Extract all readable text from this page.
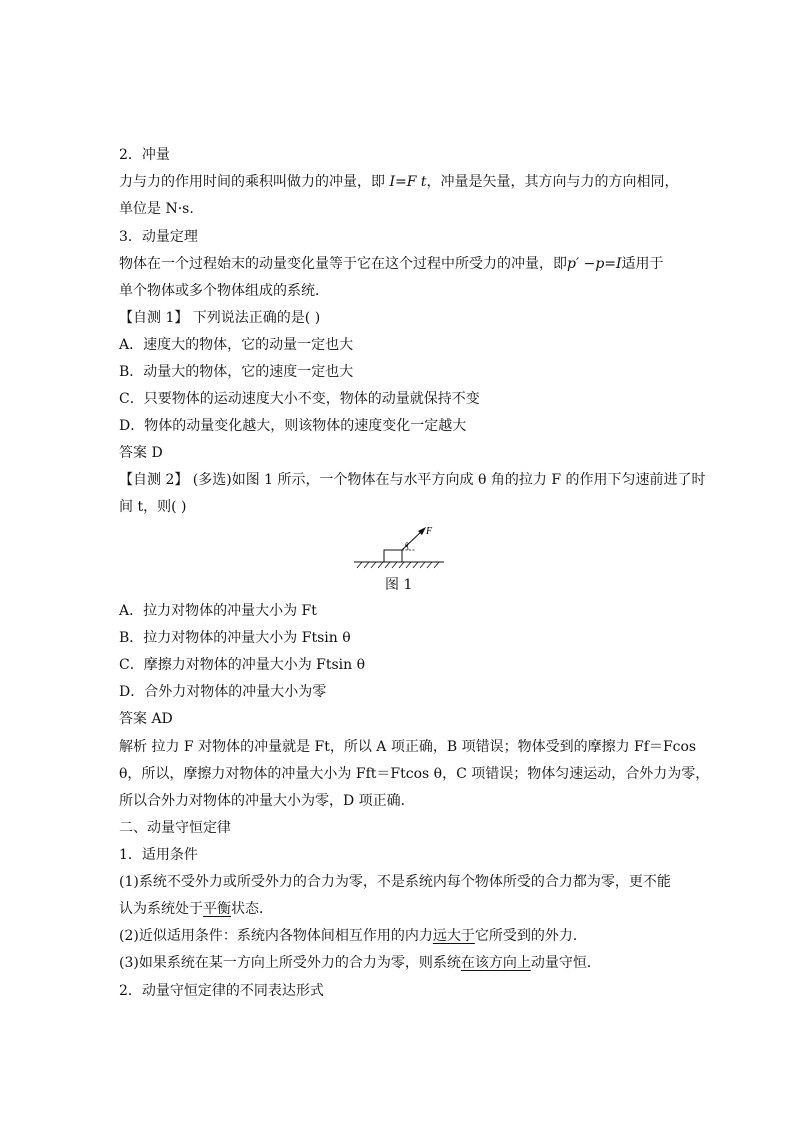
2．冲量
力与力的作用时间的乘积叫做力的冲量，即 I=F t，冲量是矢量，其方向与力的方向相同，
单位是 N·s.
3．动量定理
物体在一个过程始末的动量变化量等于它在这个过程中所受力的冲量，即p′ −p=I适用于
单个物体或多个物体组成的系统．
【自测 1】 下列说法正确的是( )
A．速度大的物体，它的动量一定也大
B．动量大的物体，它的速度一定也大
C．只要物体的运动速度大小不变，物体的动量就保持不变
D．物体的动量变化越大，则该物体的速度变化一定越大
答案 D
【自测 2】 (多选)如图 1 所示，一个物体在与水平方向成 θ 角的拉力 F 的作用下匀速前进了时
间 t，则( )
F
θ
图 1
A．拉力对物体的冲量大小为 Ft
B．拉力对物体的冲量大小为 Ftsin θ
C．摩擦力对物体的冲量大小为 Ftsin θ
D．合外力对物体的冲量大小为零
答案 AD
解析 拉力 F 对物体的冲量就是 Ft，所以 A 项正确，B 项错误；物体受到的摩擦力 Ff＝Fcos
θ，所以，摩擦力对物体的冲量大小为 Fft＝Ftcos θ，C 项错误；物体匀速运动，合外力为零，
所以合外力对物体的冲量大小为零，D 项正确．
二、动量守恒定律
1．适用条件
(1)系统不受外力或所受外力的合力为零，不是系统内每个物体所受的合力都为零，更不能
认为系统处于平衡状态．
(2)近似适用条件：系统内各物体间相互作用的内力远大于它所受到的外力．
(3)如果系统在某一方向上所受外力的合力为零，则系统在该方向上动量守恒．
2．动量守恒定律的不同表达形式
